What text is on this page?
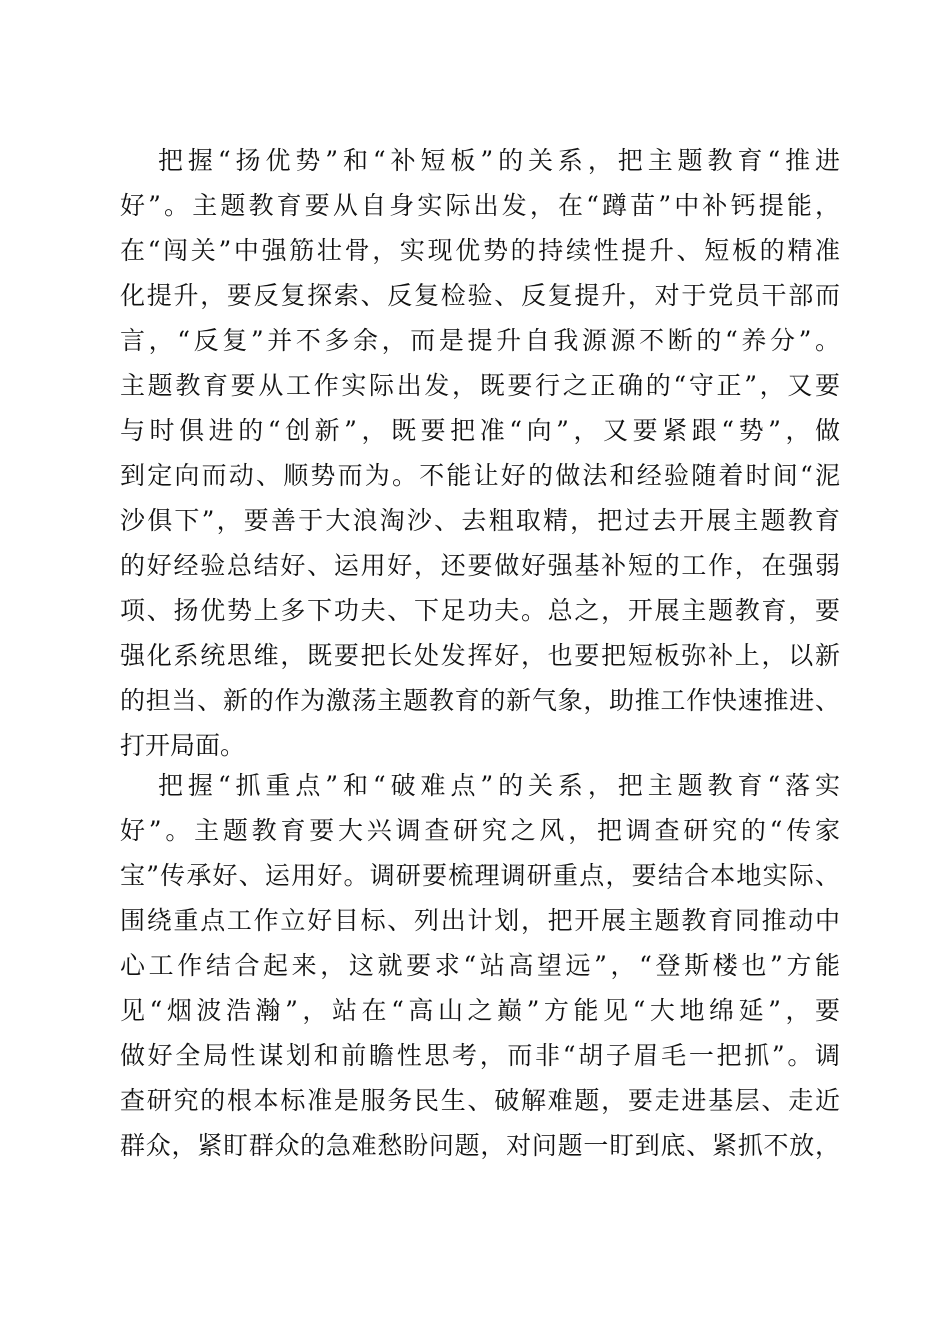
把握“扬优势”和“补短板”的关系，把主题教育“推进
好”。主题教育要从自身实际出发，在“蹲苗”中补钙提能，
在“闯关”中强筋壮骨，实现优势的持续性提升、短板的精准
化提升，要反复探索、反复检验、反复提升，对于党员干部而
言，“反复”并不多余，而是提升自我源源不断的“养分”。
主题教育要从工作实际出发，既要行之正确的“守正”，又要
与时俱进的“创新”，既要把准“向”，又要紧跟“势”，做
到定向而动、顺势而为。不能让好的做法和经验随着时间“泥
沙俱下”，要善于大浪淘沙、去粗取精，把过去开展主题教育
的好经验总结好、运用好，还要做好强基补短的工作，在强弱
项、扬优势上多下功夫、下足功夫。总之，开展主题教育，要
强化系统思维，既要把长处发挥好，也要把短板弥补上，以新
的担当、新的作为激荡主题教育的新气象，助推工作快速推进、
打开局面。
把握“抓重点”和“破难点”的关系，把主题教育“落实
好”。主题教育要大兴调查研究之风，把调查研究的“传家
宝”传承好、运用好。调研要梳理调研重点，要结合本地实际、
围绕重点工作立好目标、列出计划，把开展主题教育同推动中
心工作结合起来，这就要求“站高望远”，“登斯楼也”方能
见“烟波浩瀚”，站在“高山之巅”方能见“大地绵延”，要
做好全局性谋划和前瞻性思考，而非“胡子眉毛一把抓”。调
查研究的根本标准是服务民生、破解难题，要走进基层、走近
群众，紧盯群众的急难愁盼问题，对问题一盯到底、紧抓不放，
